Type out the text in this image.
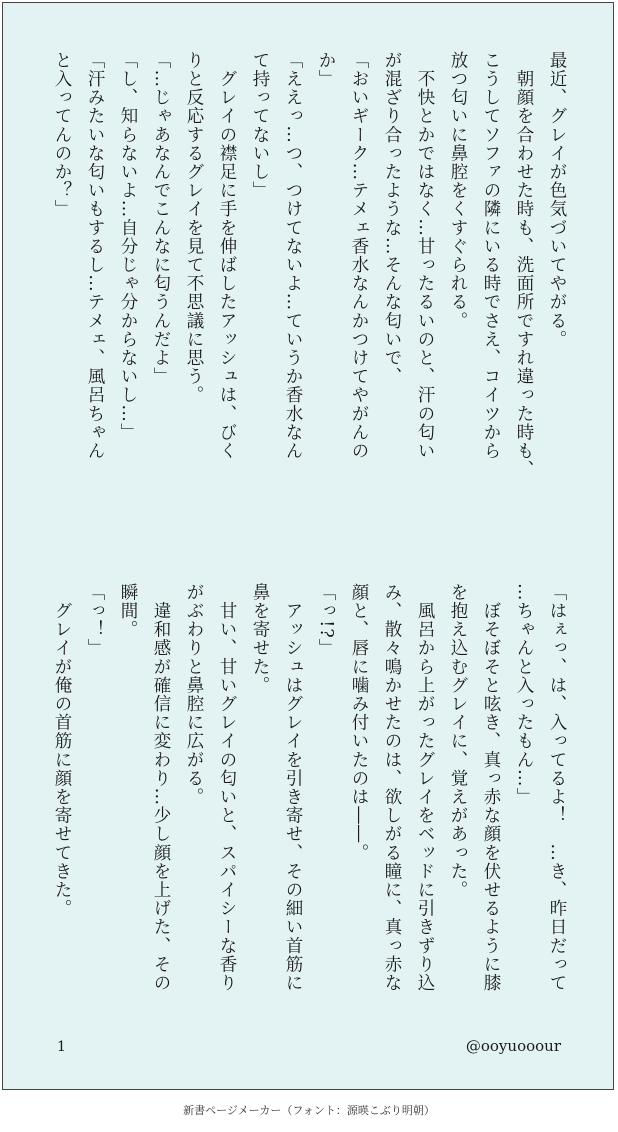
最近、グレイが色気づいてやがる。
　朝顔を合わせた時も、洗面所ですれ違った時も、
こうしてソファの隣にいる時でさえ、コイツから
放つ匂いに鼻腔をくすぐられる。
　不快とかではなく…甘ったるいのと、汗の匂い
が混ざり合ったような…そんな匂いで、
「おいギーク…テメェ香水なんかつけてやがんの
か」
「ええっ…つ、つけてないよ…ていうか香水なん
て持ってないし」
　グレイの襟足に手を伸ばしたアッシュは、びく
りと反応するグレイを見て不思議に思う。
「…じゃあなんでこんなに匂うんだよ」
「し、知らないよ…自分じゃ分からないし…」
「汗みたいな匂いもするし…テメェ、風呂ちゃん
と入ってんのか？」
「はぇっ、は、入ってるよ！　…き、昨日だって
…ちゃんと入ったもん…」
　ぼそぼそと呟き、真っ赤な顔を伏せるように膝
を抱え込むグレイに、覚えがあった。
　風呂から上がったグレイをベッドに引きずり込
み、散々鳴かせたのは、欲しがる瞳に、真っ赤な
顔と、唇に噛み付いたのは――。
「っ!?」
　アッシュはグレイを引き寄せ、その細い首筋に
鼻を寄せた。
　甘い、甘いグレイの匂いと、スパイシーな香り
がぶわりと鼻腔に広がる。
　違和感が確信に変わり…少し顔を上げた、その
瞬間。
「っ！」
　グレイが俺の首筋に顔を寄せてきた。
1	@ooyuooour
新書ページメーカー（フォント：源暎こぶり明朝）
